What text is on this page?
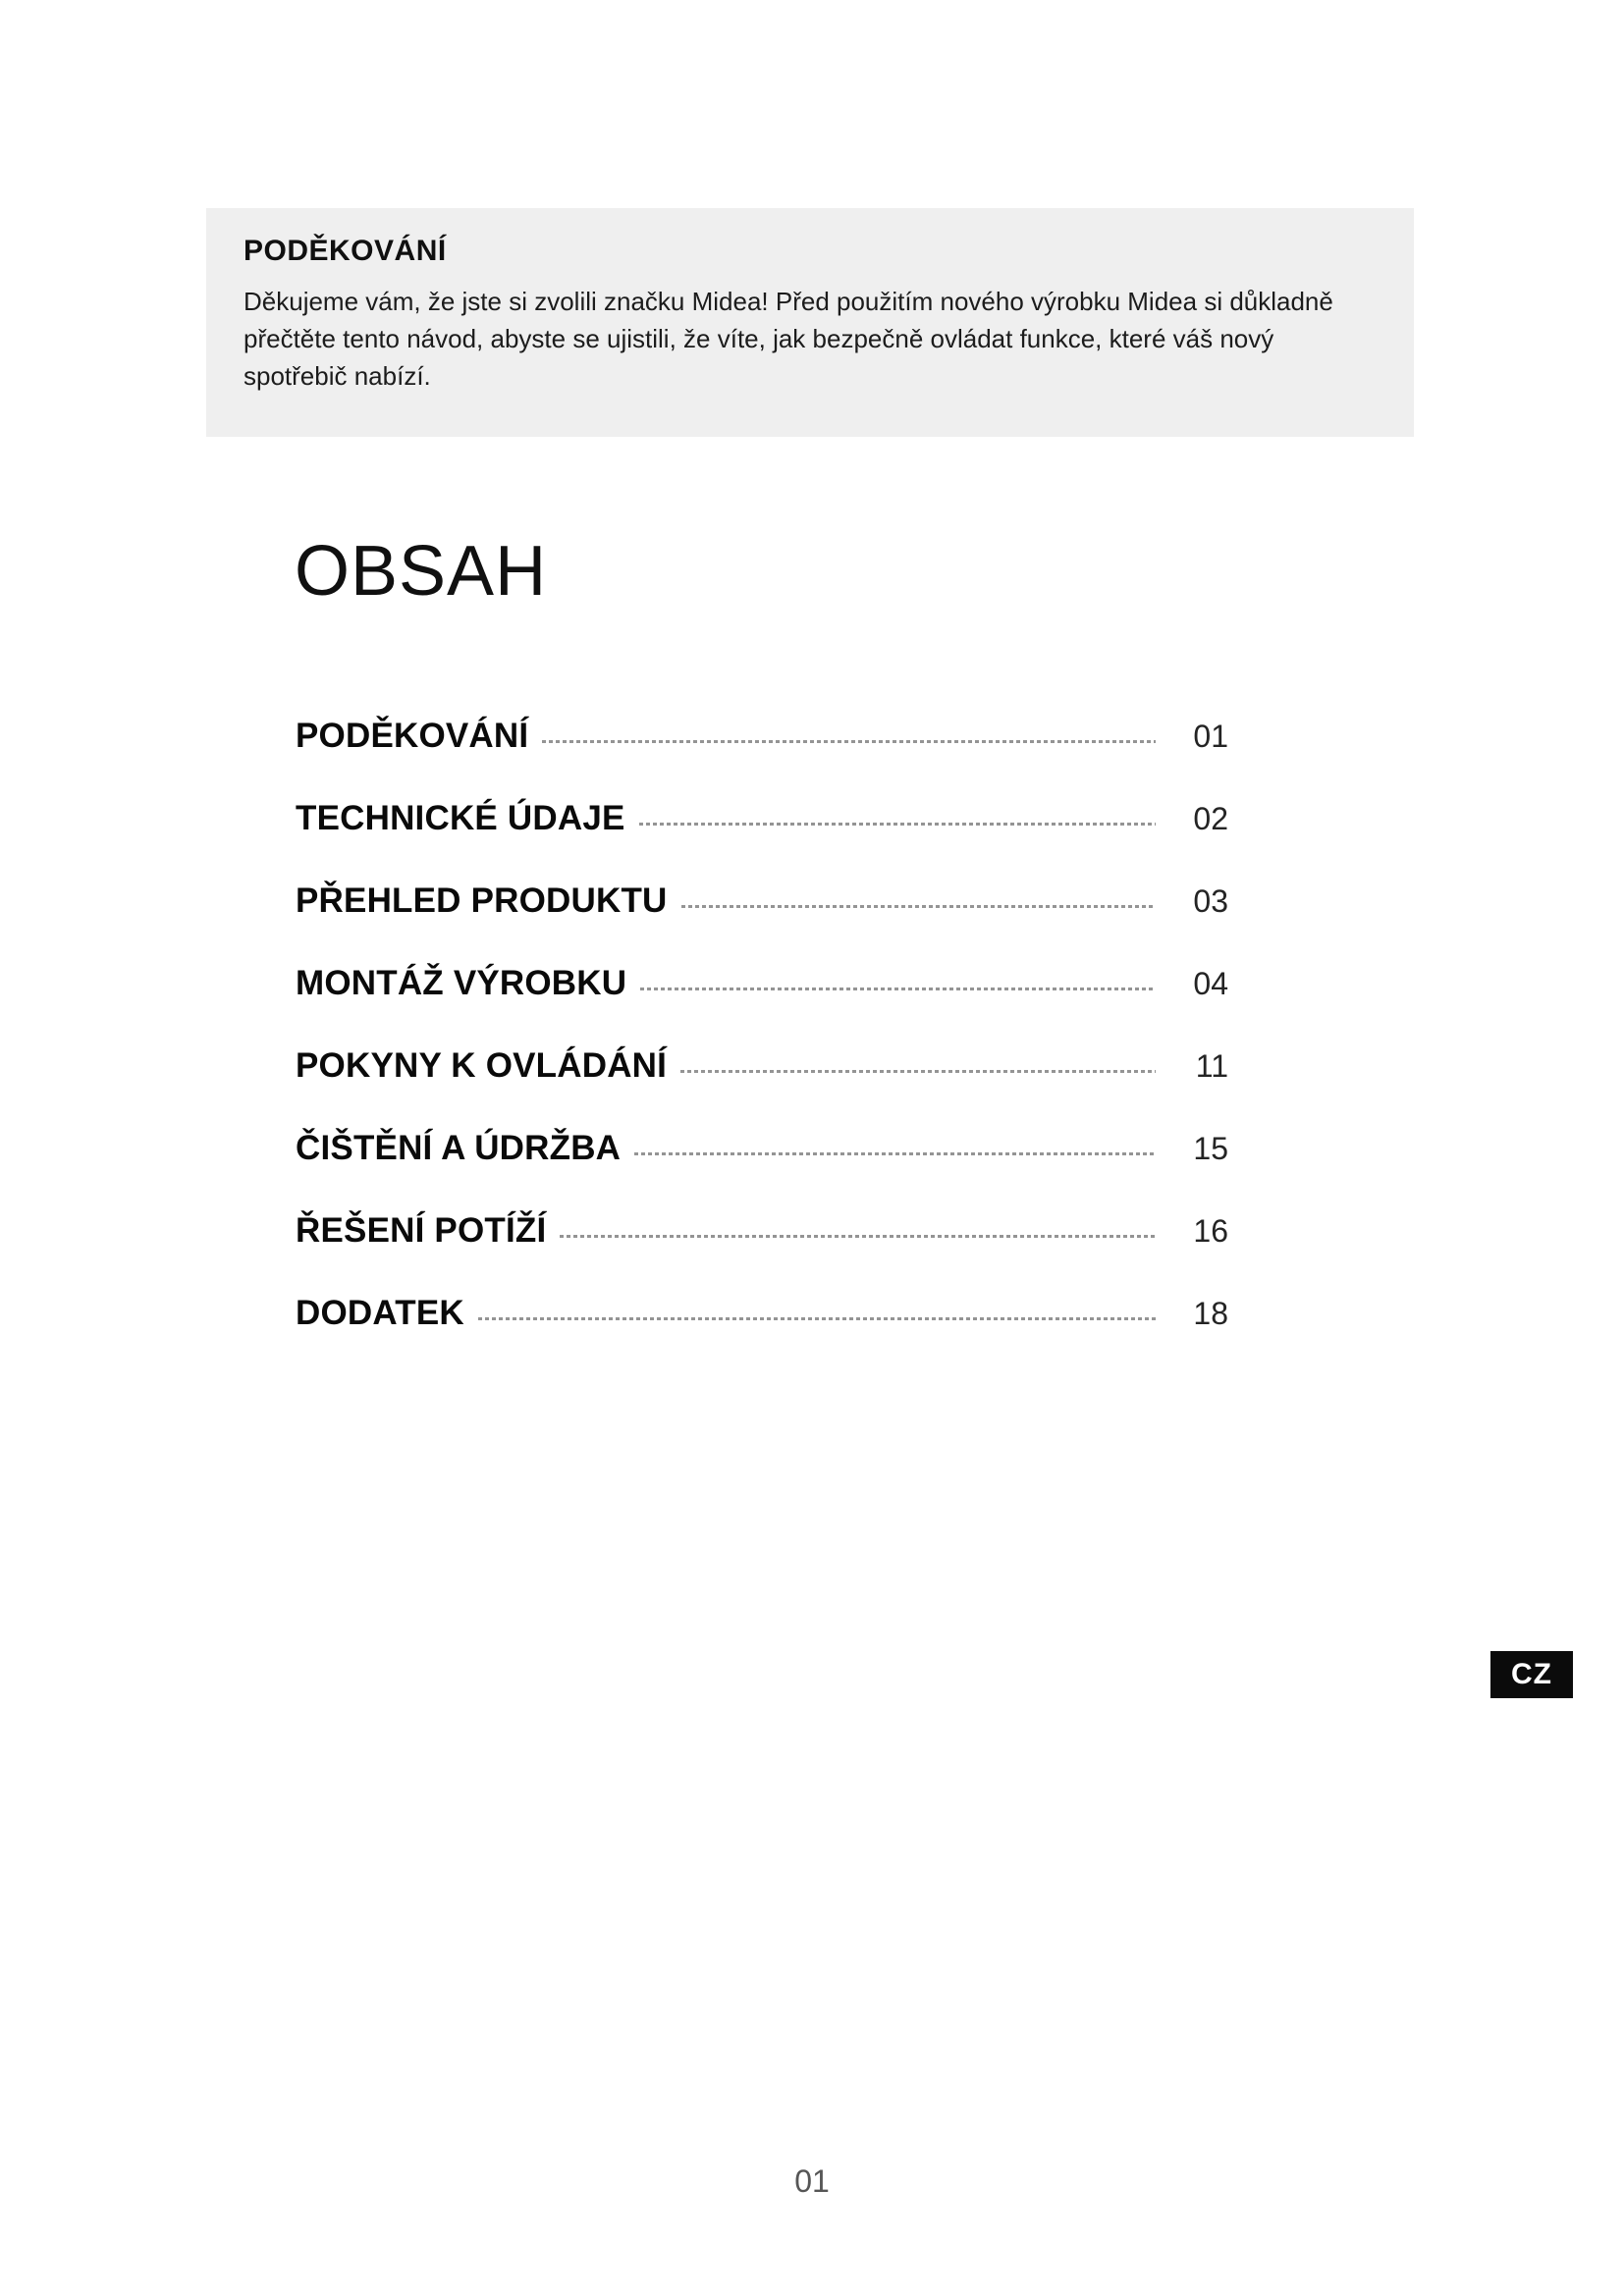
PODĚKOVÁNÍ

Děkujeme vám, že jste si zvolili značku Midea! Před použitím nového výrobku Midea si důkladně přečtěte tento návod, abyste se ujistili, že víte, jak bezpečně ovládat funkce, které váš nový spotřebič nabízí.

OBSAH
PODĚKOVÁNÍ	01
TECHNICKÉ ÚDAJE	02
PŘEHLED PRODUKTU	03
MONTÁŽ VÝROBKU	04
POKYNY K OVLÁDÁNÍ	11
ČIŠTĚNÍ A ÚDRŽBA	15
ŘEŠENÍ POTÍŽÍ	16
DODATEK	18
CZ
01
